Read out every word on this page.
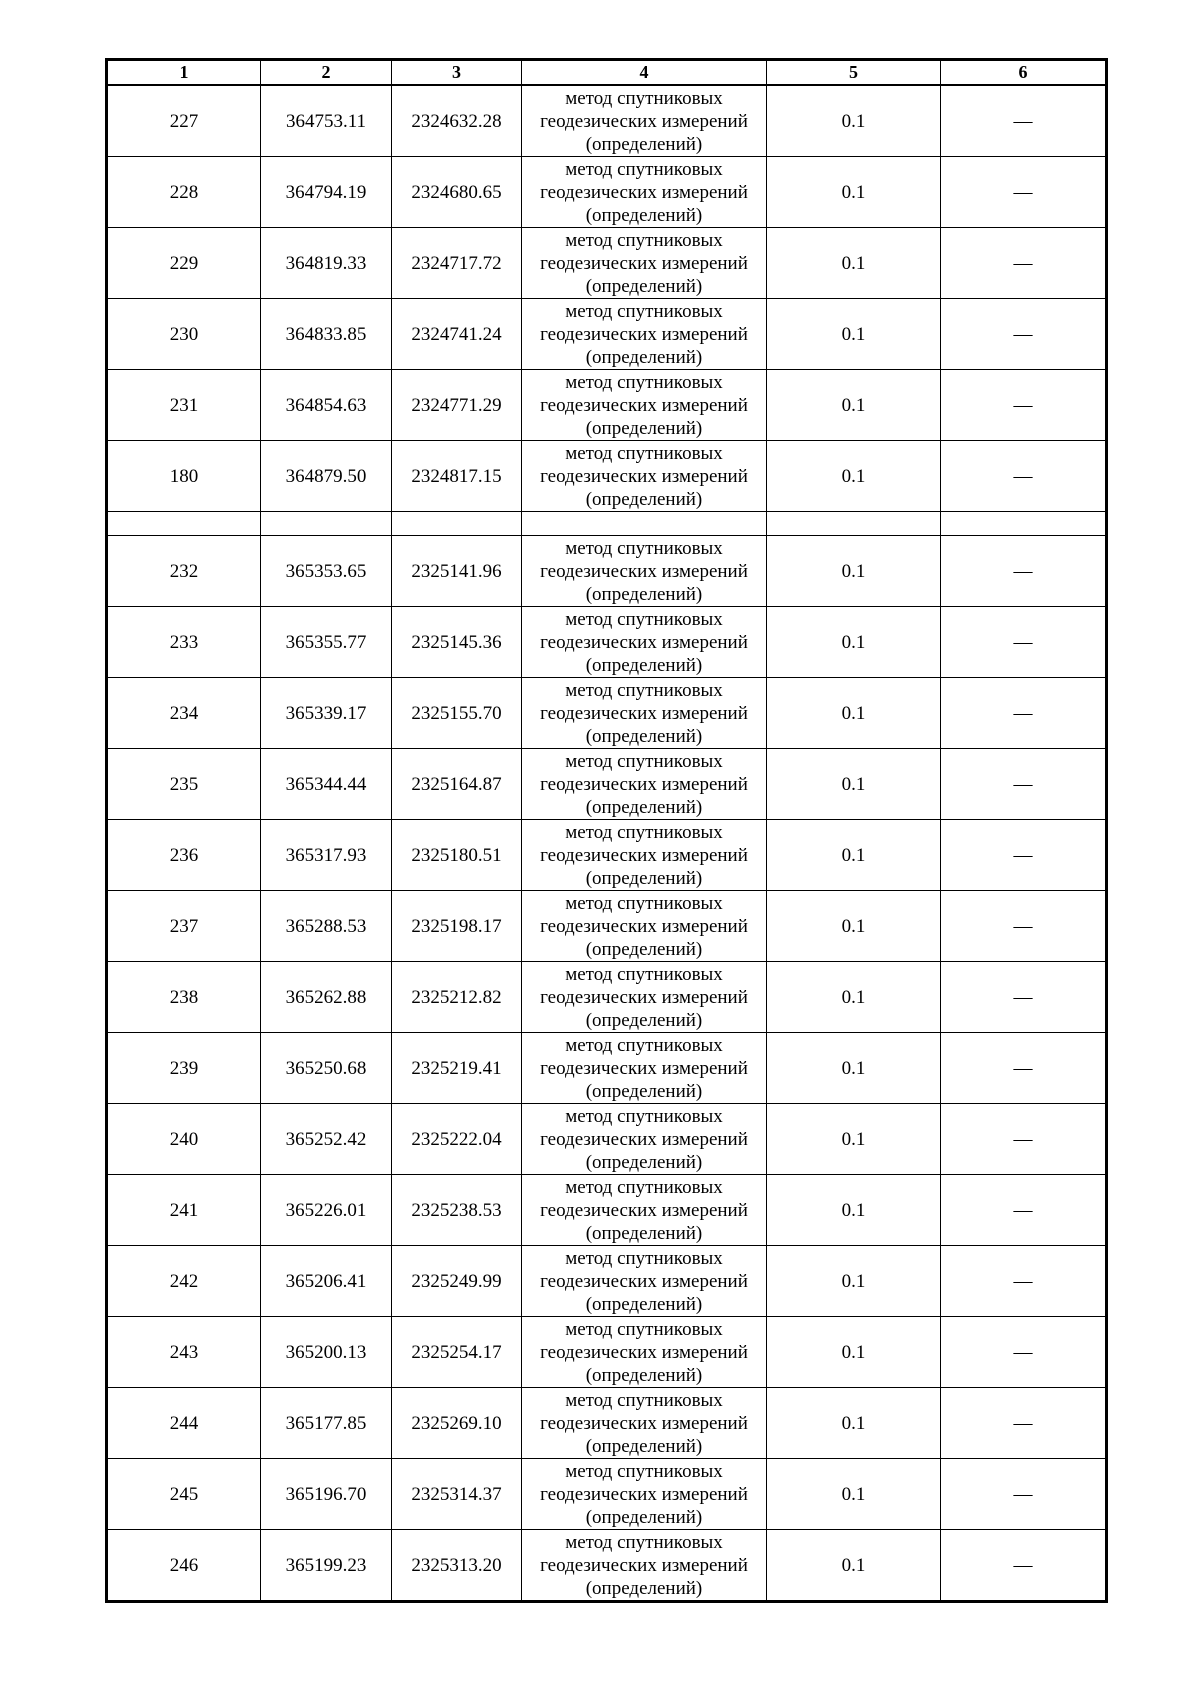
1	2	3	4	5	6
227	364753.11	2324632.28	метод спутниковых геодезических измерений (определений)	0.1	—
228	364794.19	2324680.65	метод спутниковых геодезических измерений (определений)	0.1	—
229	364819.33	2324717.72	метод спутниковых геодезических измерений (определений)	0.1	—
230	364833.85	2324741.24	метод спутниковых геодезических измерений (определений)	0.1	—
231	364854.63	2324771.29	метод спутниковых геодезических измерений (определений)	0.1	—
180	364879.50	2324817.15	метод спутниковых геодезических измерений (определений)	0.1	—

232	365353.65	2325141.96	метод спутниковых геодезических измерений (определений)	0.1	—
233	365355.77	2325145.36	метод спутниковых геодезических измерений (определений)	0.1	—
234	365339.17	2325155.70	метод спутниковых геодезических измерений (определений)	0.1	—
235	365344.44	2325164.87	метод спутниковых геодезических измерений (определений)	0.1	—
236	365317.93	2325180.51	метод спутниковых геодезических измерений (определений)	0.1	—
237	365288.53	2325198.17	метод спутниковых геодезических измерений (определений)	0.1	—
238	365262.88	2325212.82	метод спутниковых геодезических измерений (определений)	0.1	—
239	365250.68	2325219.41	метод спутниковых геодезических измерений (определений)	0.1	—
240	365252.42	2325222.04	метод спутниковых геодезических измерений (определений)	0.1	—
241	365226.01	2325238.53	метод спутниковых геодезических измерений (определений)	0.1	—
242	365206.41	2325249.99	метод спутниковых геодезических измерений (определений)	0.1	—
243	365200.13	2325254.17	метод спутниковых геодезических измерений (определений)	0.1	—
244	365177.85	2325269.10	метод спутниковых геодезических измерений (определений)	0.1	—
245	365196.70	2325314.37	метод спутниковых геодезических измерений (определений)	0.1	—
246	365199.23	2325313.20	метод спутниковых геодезических измерений (определений)	0.1	—
